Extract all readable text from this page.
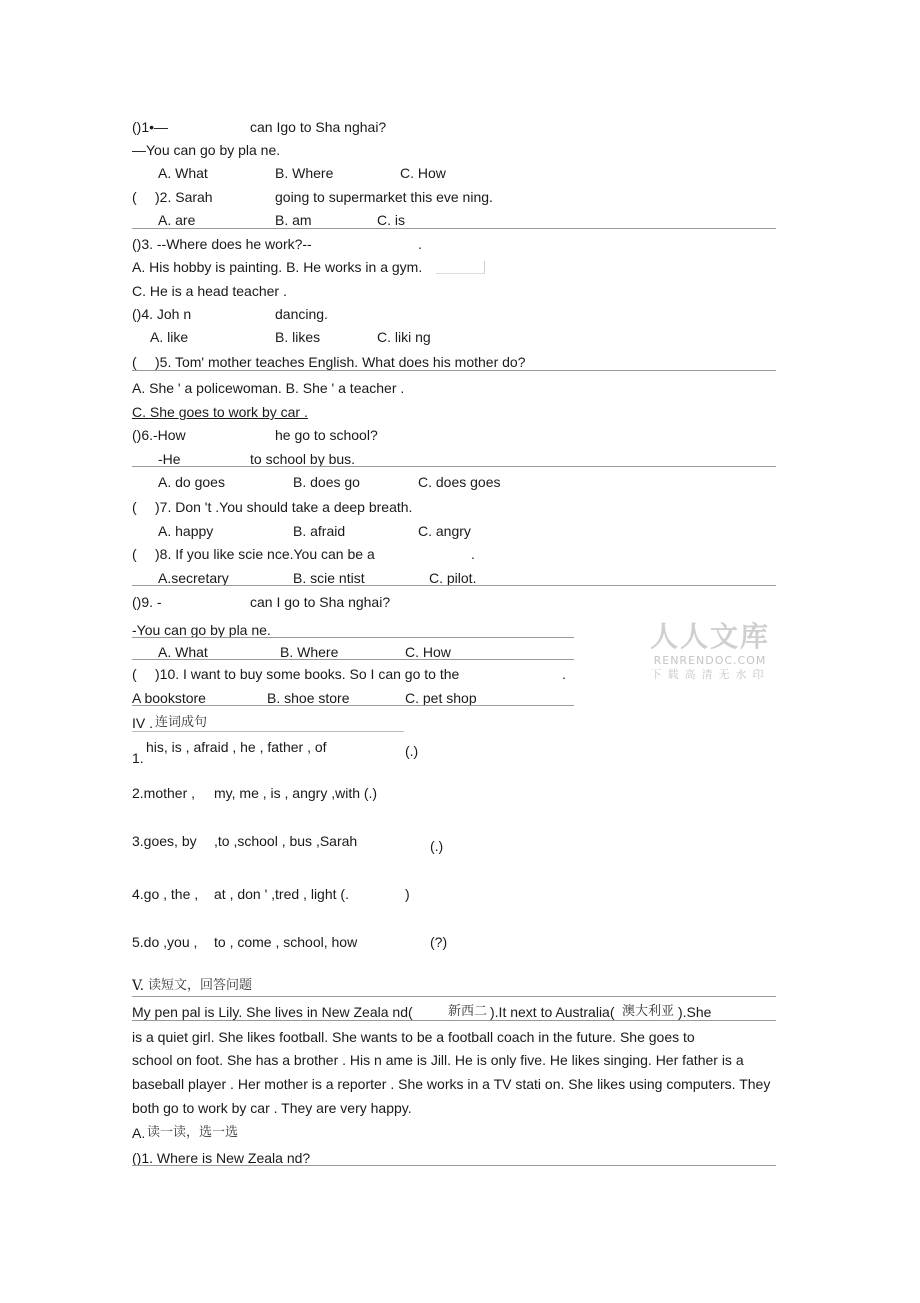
()1•—	can Igo to Sha nghai?
—You can go by pla ne.
A. What	B. Where	C. How
( )2. Sarah	going to supermarket this eve ning.
A. are	B. am	C. is
()3. --Where does he work?--	.
A. His hobby is painting. B. He works in a gym.
C. He is a head teacher .
()4. Joh n	dancing.
A. like	B. likes	C. liki ng
( )5. Tom' mother teaches English. What does his mother do?
A. She ' a policewoman. B. She ' a teacher .
C. She goes to work by car .
()6.-How	he go to school?
-He	to school by bus.
A. do goes	B. does go	C. does goes
( )7. Don 't .You should take a deep breath.
A. happy	B. afraid	C. angry
( )8. If you like scie nce.You can be a	.
A.secretary	B. scie ntist	C. pilot.
()9. -	can I go to Sha nghai?
-You can go by pla ne.
A. What	B. Where	C. How
( )10. I want to buy some books. So I can go to the	.
A bookstore	B. shoe store	C. pet shop
人人文库
RENRENDOC.COM
下载高清无水印
IV . 连词成句
his, is , afraid , he , father , of
1.	(.)
2.mother , my, me , is , angry ,with (.)
3.goes, by ,to ,school , bus ,Sarah	(.)
4.go , the , at , don ' ,tred , light (.	)
5.do ,you , to , come , school, how	(?)
V. 读短文，回答问题
My pen pal is Lily. She lives in New Zeala nd(	新西二 ).It next to Australia( 澳大利亚 ).She
is a quiet girl. She likes football. She wants to be a football coach in the future. She goes to
school on foot. She has a brother . His n ame is Jill. He is only five. He likes singing. Her father is a
baseball player . Her mother is a reporter . She works in a TV stati on. She likes using computers. They
both go to work by car . They are very happy.
A. 读一读，选一选
()1. Where is New Zeala nd?
